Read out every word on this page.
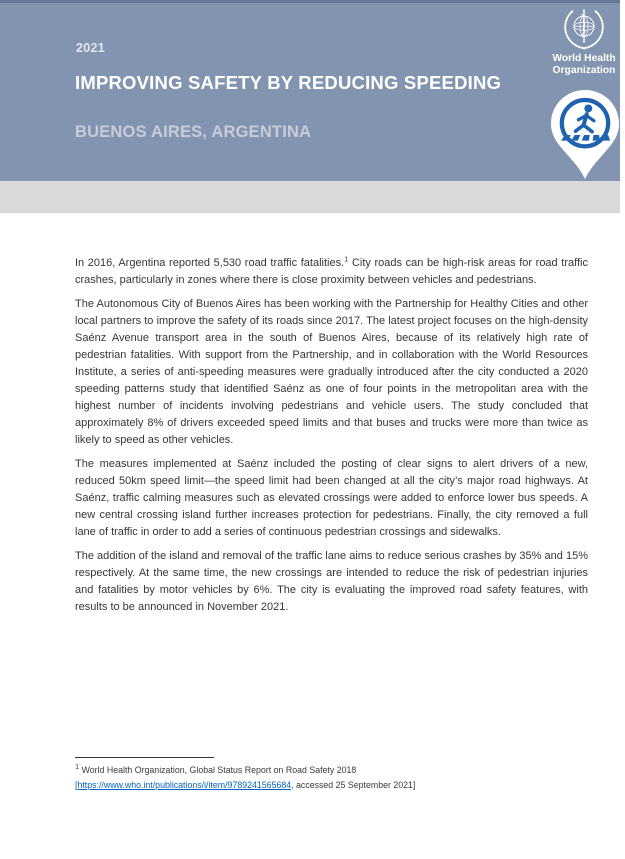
2021
IMPROVING SAFETY BY REDUCING SPEEDING
BUENOS AIRES, ARGENTINA
World Health
Organization

In 2016, Argentina reported 5,530 road traffic fatalities.$^1$ City roads can be high-risk areas for road traffic crashes, particularly in zones where there is close proximity between vehicles and pedestrians.

The Autonomous City of Buenos Aires has been working with the Partnership for Healthy Cities and other local partners to improve the safety of its roads since 2017. The latest project focuses on the high-density Saénz Avenue transport area in the south of Buenos Aires, because of its relatively high rate of pedestrian fatalities. With support from the Partnership, and in collaboration with the World Resources Institute, a series of anti-speeding measures were gradually introduced after the city conducted a 2020 speeding patterns study that identified Saénz as one of four points in the metropolitan area with the highest number of incidents involving pedestrians and vehicle users. The study concluded that approximately 8% of drivers exceeded speed limits and that buses and trucks were more than twice as likely to speed as other vehicles.

The measures implemented at Saénz included the posting of clear signs to alert drivers of a new, reduced 50km speed limit—the speed limit had been changed at all the city’s major road highways. At Saénz, traffic calming measures such as elevated crossings were added to enforce lower bus speeds. A new central crossing island further increases protection for pedestrians. Finally, the city removed a full lane of traffic in order to add a series of continuous pedestrian crossings and sidewalks.

The addition of the island and removal of the traffic lane aims to reduce serious crashes by 35% and 15% respectively. At the same time, the new crossings are intended to reduce the risk of pedestrian injuries and fatalities by motor vehicles by 6%. The city is evaluating the improved road safety features, with results to be announced in November 2021.

$^1$ World Health Organization, Global Status Report on Road Safety 2018
[https://www.who.int/publications/i/item/9789241565684, accessed 25 September 2021]
